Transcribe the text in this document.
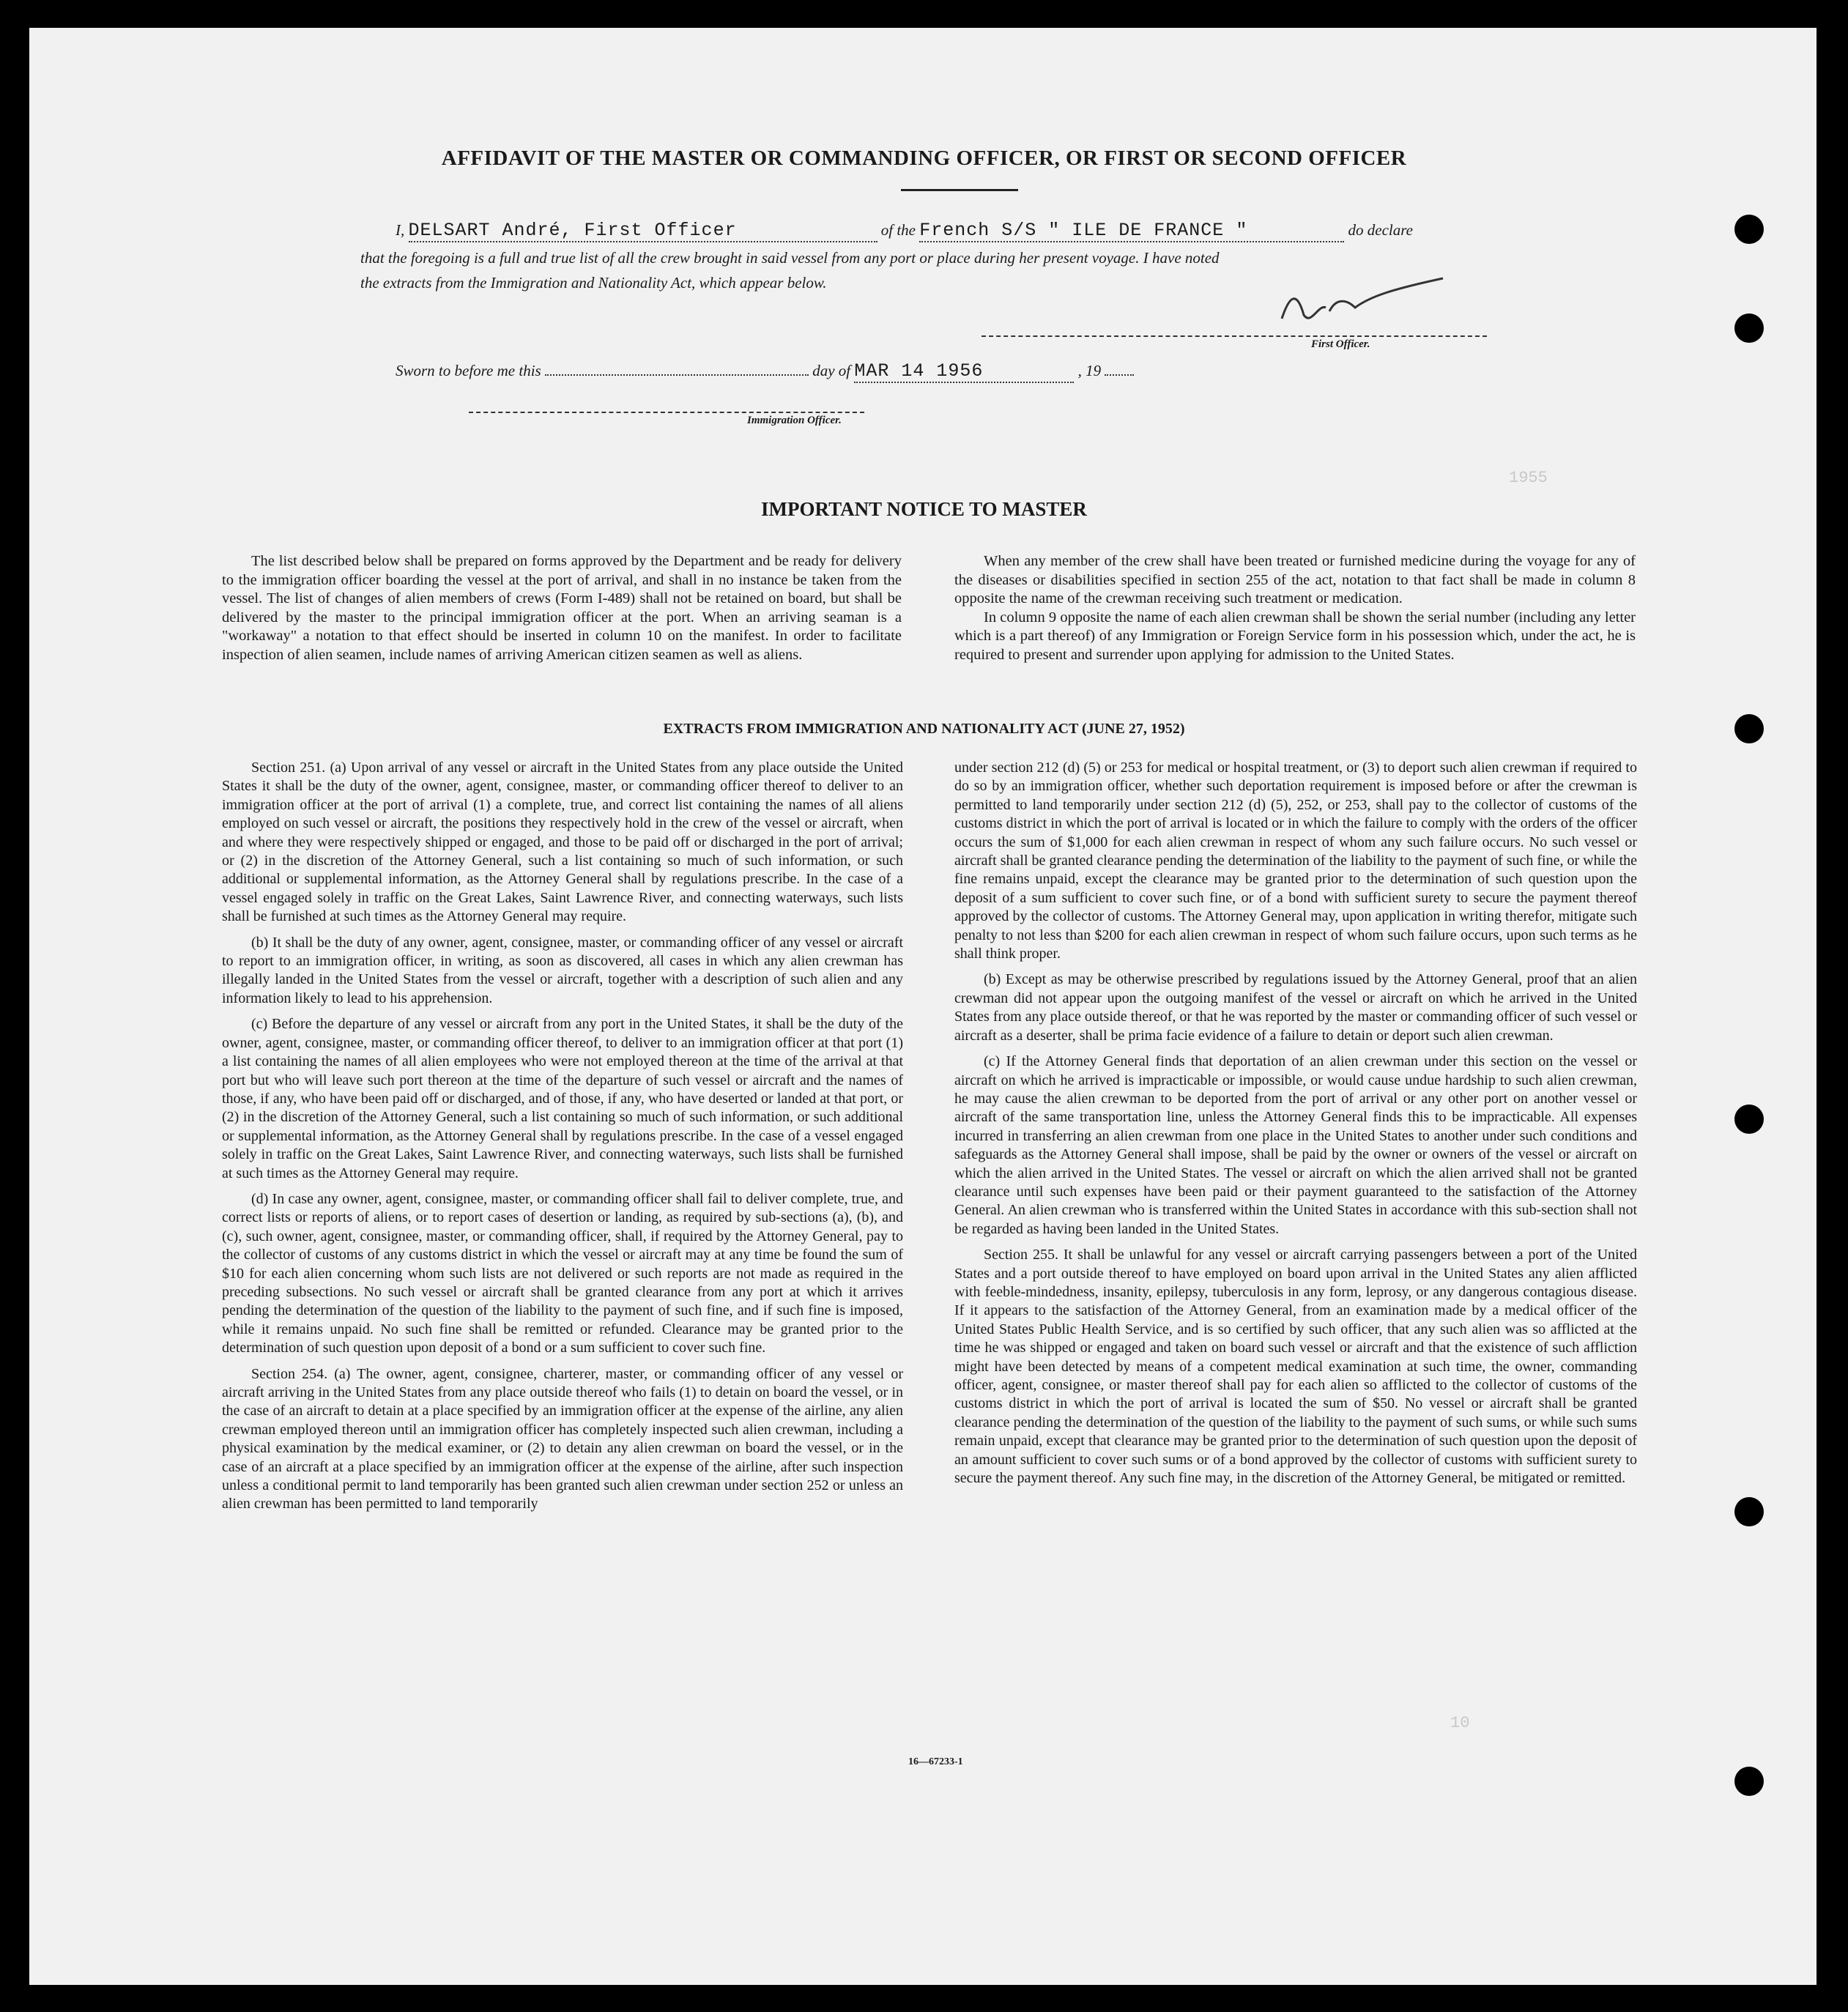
1955
10
AFFIDAVIT OF THE MASTER OR COMMANDING OFFICER, OR FIRST OR SECOND OFFICER
I, DELSART André, First Officer	of the French S/S " ILE DE FRANCE "	do declare
that the foregoing is a full and true list of all the crew brought in said vessel from any port or place during her present voyage. I have noted
the extracts from the Immigration and Nationality Act, which appear below.
First Officer.
Sworn to before me this	day of MAR 14 1956	, 19
Immigration Officer.
IMPORTANT NOTICE TO MASTER

The list described below shall be prepared on forms approved by the Department and be ready for delivery to the immigration officer boarding the vessel at the port of arrival, and shall in no instance be taken from the vessel. The list of changes of alien members of crews (Form I-489) shall not be retained on board, but shall be delivered by the master to the principal immigration officer at the port. When an arriving seaman is a "workaway" a notation to that effect should be inserted in column 10 on the manifest. In order to facilitate inspection of alien seamen, include names of arriving American citizen seamen as well as aliens.

When any member of the crew shall have been treated or furnished medicine during the voyage for any of the diseases or disabilities specified in section 255 of the act, notation to that fact shall be made in column 8 opposite the name of the crewman receiving such treatment or medication.

In column 9 opposite the name of each alien crewman shall be shown the serial number (including any letter which is a part thereof) of any Immigration or Foreign Service form in his possession which, under the act, he is required to present and surrender upon applying for admission to the United States.

EXTRACTS FROM IMMIGRATION AND NATIONALITY ACT (JUNE 27, 1952)

Section 251. (a) Upon arrival of any vessel or aircraft in the United States from any place outside the United States it shall be the duty of the owner, agent, consignee, master, or commanding officer thereof to deliver to an immigration officer at the port of arrival (1) a complete, true, and correct list containing the names of all aliens employed on such vessel or aircraft, the positions they respectively hold in the crew of the vessel or aircraft, when and where they were respectively shipped or engaged, and those to be paid off or discharged in the port of arrival; or (2) in the discretion of the Attorney General, such a list containing so much of such information, or such additional or supplemental information, as the Attorney General shall by regulations prescribe. In the case of a vessel engaged solely in traffic on the Great Lakes, Saint Lawrence River, and connecting waterways, such lists shall be furnished at such times as the Attorney General may require.

(b) It shall be the duty of any owner, agent, consignee, master, or commanding officer of any vessel or aircraft to report to an immigration officer, in writing, as soon as discovered, all cases in which any alien crewman has illegally landed in the United States from the vessel or aircraft, together with a description of such alien and any information likely to lead to his apprehension.

(c) Before the departure of any vessel or aircraft from any port in the United States, it shall be the duty of the owner, agent, consignee, master, or commanding officer thereof, to deliver to an immigration officer at that port (1) a list containing the names of all alien employees who were not employed thereon at the time of the arrival at that port but who will leave such port thereon at the time of the departure of such vessel or aircraft and the names of those, if any, who have been paid off or discharged, and of those, if any, who have deserted or landed at that port, or (2) in the discretion of the Attorney General, such a list containing so much of such information, or such additional or supplemental information, as the Attorney General shall by regulations prescribe. In the case of a vessel engaged solely in traffic on the Great Lakes, Saint Lawrence River, and connecting waterways, such lists shall be furnished at such times as the Attorney General may require.

(d) In case any owner, agent, consignee, master, or commanding officer shall fail to deliver complete, true, and correct lists or reports of aliens, or to report cases of desertion or landing, as required by sub-sections (a), (b), and (c), such owner, agent, consignee, master, or commanding officer, shall, if required by the Attorney General, pay to the collector of customs of any customs district in which the vessel or aircraft may at any time be found the sum of $10 for each alien concerning whom such lists are not delivered or such reports are not made as required in the preceding subsections. No such vessel or aircraft shall be granted clearance from any port at which it arrives pending the determination of the question of the liability to the payment of such fine, and if such fine is imposed, while it remains unpaid. No such fine shall be remitted or refunded. Clearance may be granted prior to the determination of such question upon deposit of a bond or a sum sufficient to cover such fine.

Section 254. (a) The owner, agent, consignee, charterer, master, or commanding officer of any vessel or aircraft arriving in the United States from any place outside thereof who fails (1) to detain on board the vessel, or in the case of an aircraft to detain at a place specified by an immigration officer at the expense of the airline, any alien crewman employed thereon until an immigration officer has completely inspected such alien crewman, including a physical examination by the medical examiner, or (2) to detain any alien crewman on board the vessel, or in the case of an aircraft at a place specified by an immigration officer at the expense of the airline, after such inspection unless a conditional permit to land temporarily has been granted such alien crewman under section 252 or unless an alien crewman has been permitted to land temporarily

under section 212 (d) (5) or 253 for medical or hospital treatment, or (3) to deport such alien crewman if required to do so by an immigration officer, whether such deportation requirement is imposed before or after the crewman is permitted to land temporarily under section 212 (d) (5), 252, or 253, shall pay to the collector of customs of the customs district in which the port of arrival is located or in which the failure to comply with the orders of the officer occurs the sum of $1,000 for each alien crewman in respect of whom any such failure occurs. No such vessel or aircraft shall be granted clearance pending the determination of the liability to the payment of such fine, or while the fine remains unpaid, except the clearance may be granted prior to the determination of such question upon the deposit of a sum sufficient to cover such fine, or of a bond with sufficient surety to secure the payment thereof approved by the collector of customs. The Attorney General may, upon application in writing therefor, mitigate such penalty to not less than $200 for each alien crewman in respect of whom such failure occurs, upon such terms as he shall think proper.

(b) Except as may be otherwise prescribed by regulations issued by the Attorney General, proof that an alien crewman did not appear upon the outgoing manifest of the vessel or aircraft on which he arrived in the United States from any place outside thereof, or that he was reported by the master or commanding officer of such vessel or aircraft as a deserter, shall be prima facie evidence of a failure to detain or deport such alien crewman.

(c) If the Attorney General finds that deportation of an alien crewman under this section on the vessel or aircraft on which he arrived is impracticable or impossible, or would cause undue hardship to such alien crewman, he may cause the alien crewman to be deported from the port of arrival or any other port on another vessel or aircraft of the same transportation line, unless the Attorney General finds this to be impracticable. All expenses incurred in transferring an alien crewman from one place in the United States to another under such conditions and safeguards as the Attorney General shall impose, shall be paid by the owner or owners of the vessel or aircraft on which the alien arrived in the United States. The vessel or aircraft on which the alien arrived shall not be granted clearance until such expenses have been paid or their payment guaranteed to the satisfaction of the Attorney General. An alien crewman who is transferred within the United States in accordance with this sub-section shall not be regarded as having been landed in the United States.

Section 255. It shall be unlawful for any vessel or aircraft carrying passengers between a port of the United States and a port outside thereof to have employed on board upon arrival in the United States any alien afflicted with feeble-mindedness, insanity, epilepsy, tuberculosis in any form, leprosy, or any dangerous contagious disease. If it appears to the satisfaction of the Attorney General, from an examination made by a medical officer of the United States Public Health Service, and is so certified by such officer, that any such alien was so afflicted at the time he was shipped or engaged and taken on board such vessel or aircraft and that the existence of such affliction might have been detected by means of a competent medical examination at such time, the owner, commanding officer, agent, consignee, or master thereof shall pay for each alien so afflicted to the collector of customs of the customs district in which the port of arrival is located the sum of $50. No vessel or aircraft shall be granted clearance pending the determination of the question of the liability to the payment of such sums, or while such sums remain unpaid, except that clearance may be granted prior to the determination of such question upon the deposit of an amount sufficient to cover such sums or of a bond approved by the collector of customs with sufficient surety to secure the payment thereof. Any such fine may, in the discretion of the Attorney General, be mitigated or remitted.

16—67233-1
